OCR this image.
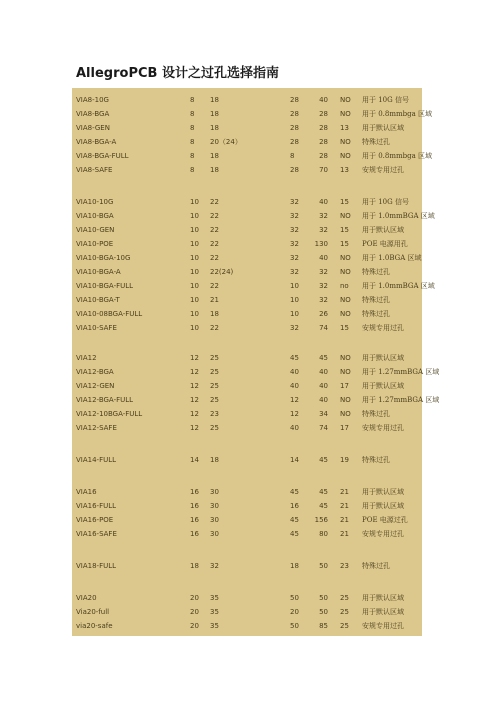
AllegroPCB 设计之过孔选择指南
VIA8-10G	8 18	28	40 NO 用于 10G 信号
VIA8-BGA	8 18	28	28 NO 用于 0.8mmbga 区域
VIA8-GEN	8 18	28	28 13 用于默认区域
VIA8-BGA-A	8 20（24）	28	28 NO 特殊过孔
VIA8-BGA-FULL	8 18	8	28 NO 用于 0.8mmbga 区域
VIA8-SAFE	8 18	28	70 13 安规专用过孔
VIA10-10G	10 22	32	40 15 用于 10G 信号
VIA10-BGA	10 22	32	32 NO 用于 1.0mmBGA 区域
VIA10-GEN	10 22	32	32 15 用于默认区域
VIA10-POE	10 22	32	130 15 POE 电源用孔
VIA10-BGA-10G	10 22	32	40 NO 用于 1.0BGA 区域
VIA10-BGA-A	10 22(24)	32	32 NO 特殊过孔
VIA10-BGA-FULL	10 22	10	32 no 用于 1.0mmBGA 区域
VIA10-BGA-T	10 21	10	32 NO 特殊过孔
VIA10-08BGA-FULL	10 18	10	26 NO 特殊过孔
VIA10-SAFE	10 22	32	74 15 安规专用过孔
VIA12	12 25	45	45 NO 用于默认区域
VIA12-BGA	12 25	40	40 NO 用于 1.27mmBGA 区域
VIA12-GEN	12 25	40	40 17 用于默认区域
VIA12-BGA-FULL	12 25	12	40 NO 用于 1.27mmBGA 区域
VIA12-10BGA-FULL	12 23	12	34 NO 特殊过孔
VIA12-SAFE	12 25	40	74 17 安规专用过孔
VIA14-FULL	14 18	14	45 19 特殊过孔
VIA16	16 30	45	45 21 用于默认区域
VIA16-FULL	16 30	16	45 21 用于默认区域
VIA16-POE	16 30	45	156 21 POE 电源过孔
VIA16-SAFE	16 30	45	80 21 安规专用过孔
VIA18-FULL	18 32	18	50 23 特殊过孔
VIA20	20 35	50	50 25 用于默认区域
Via20-full	20 35	20	50 25 用于默认区域
via20-safe	20 35	50	85 25 安规专用过孔
